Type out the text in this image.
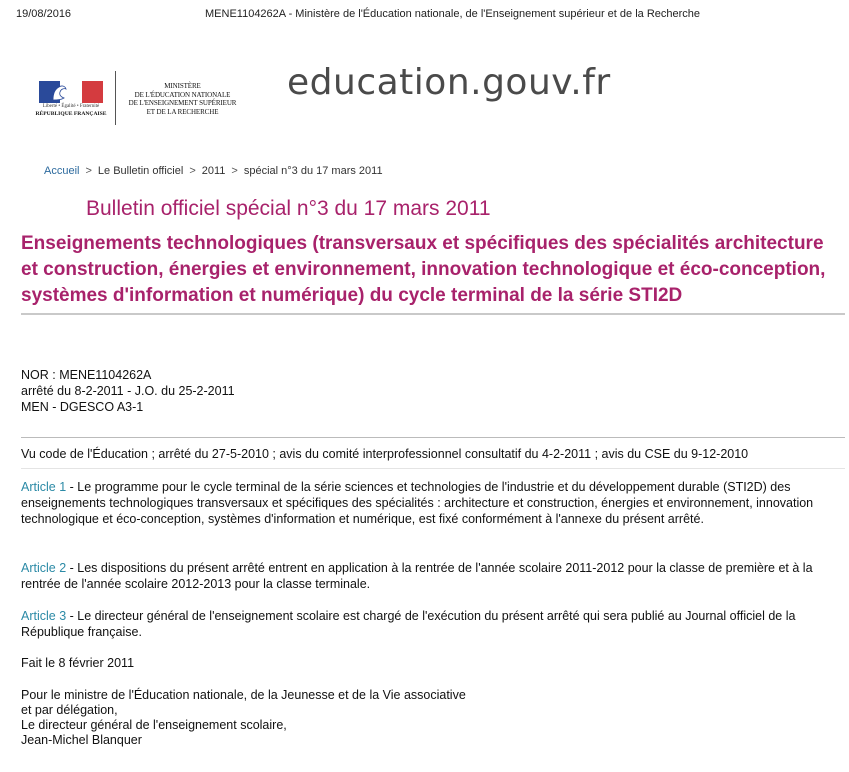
19/08/2016	MENE1104262A - Ministère de l'Éducation nationale, de l'Enseignement supérieur et de la Recherche
Liberté • Égalité • Fraternité
RÉPUBLIQUE FRANÇAISE
MINISTÈRE
DE L'ÉDUCATION NATIONALE
DE L'ENSEIGNEMENT SUPÉRIEUR
ET DE LA RECHERCHE
education.gouv.fr
Accueil > Le Bulletin officiel > 2011 > spécial n°3 du 17 mars 2011
Bulletin officiel spécial n°3 du 17 mars 2011
Enseignements technologiques (transversaux et spécifiques des spécialités architecture et construction, énergies et environnement, innovation technologique et éco-conception, systèmes d'information et numérique) du cycle terminal de la série STI2D
NOR : MENE1104262A
arrêté du 8-2-2011 - J.O. du 25-2-2011
MEN - DGESCO A3-1
Vu code de l'Éducation ; arrêté du 27-5-2010 ; avis du comité interprofessionnel consultatif du 4-2-2011 ; avis du CSE du 9-12-2010

Article 1 - Le programme pour le cycle terminal de la série sciences et technologies de l'industrie et du développement durable (STI2D) des enseignements technologiques transversaux et spécifiques des spécialités : architecture et construction, énergies et environnement, innovation technologique et éco-conception, systèmes d'information et numérique, est fixé conformément à l'annexe du présent arrêté.

Article 2 - Les dispositions du présent arrêté entrent en application à la rentrée de l'année scolaire 2011-2012 pour la classe de première et à la rentrée de l'année scolaire 2012-2013 pour la classe terminale.

Article 3 - Le directeur général de l'enseignement scolaire est chargé de l'exécution du présent arrêté qui sera publié au Journal officiel de la République française.

Fait le 8 février 2011
Pour le ministre de l'Éducation nationale, de la Jeunesse et de la Vie associative
et par délégation,
Le directeur général de l'enseignement scolaire,
Jean-Michel Blanquer
